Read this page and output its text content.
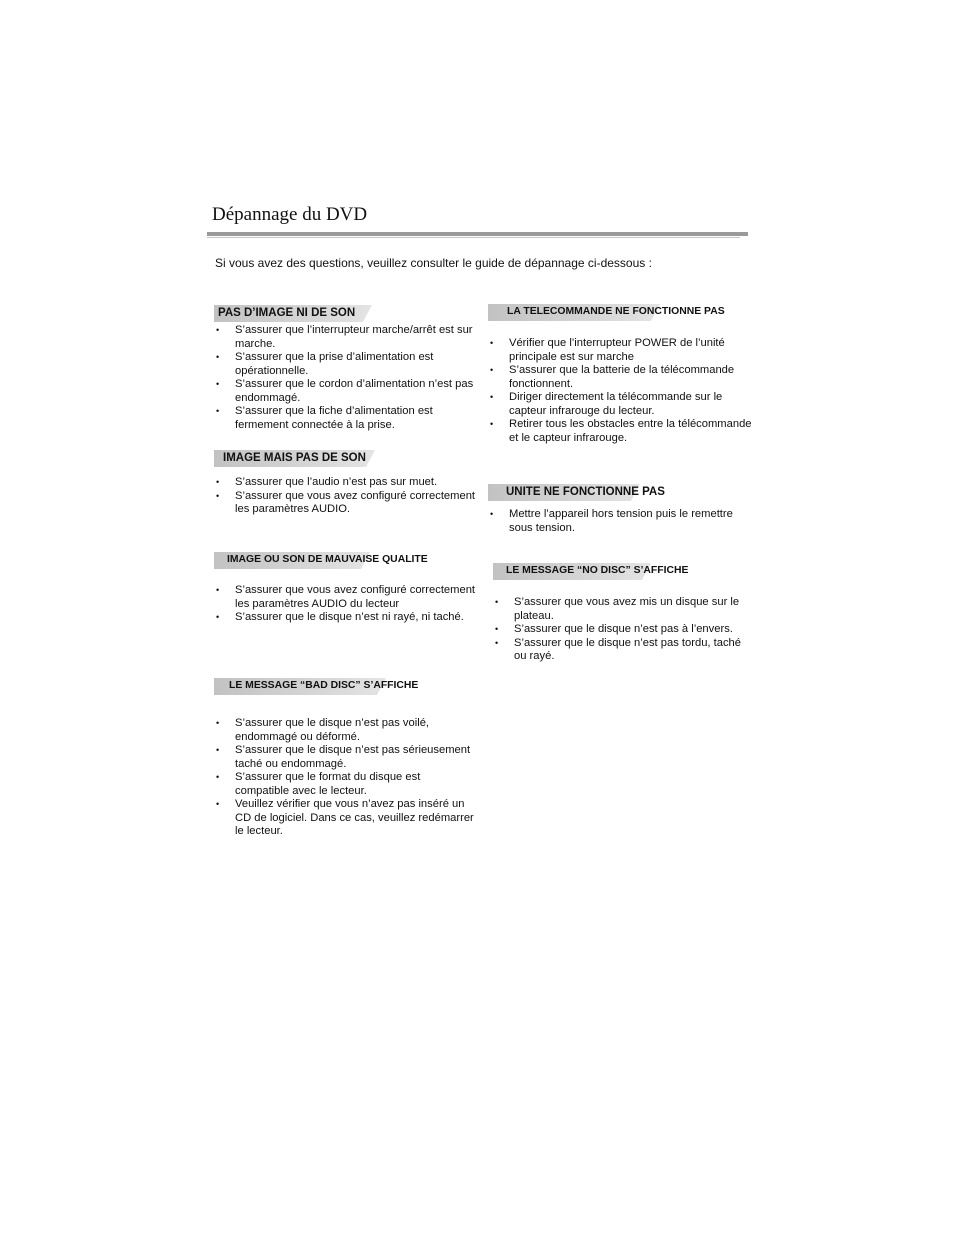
Dépannage du DVD
Si vous avez des questions, veuillez consulter le guide de dépannage ci-dessous :
PAS D’IMAGE NI DE SON
• S’assurer que l’interrupteur marche/arrêt est sur marche.
• S’assurer que la prise d’alimentation est opérationnelle.
• S’assurer que le cordon d’alimentation n’est pas endommagé.
• S’assurer que la fiche d’alimentation est fermement connectée à la prise.
IMAGE MAIS PAS DE SON
• S’assurer que l’audio n’est pas sur muet.
• S’assurer que vous avez configuré correctement les paramètres AUDIO.
IMAGE OU SON DE MAUVAISE QUALITE
• S’assurer que vous avez configuré correctement les paramètres AUDIO du lecteur
• S’assurer que le disque n’est ni rayé, ni taché.
LE MESSAGE “BAD DISC” S’AFFICHE
• S’assurer que le disque n’est pas voilé, endommagé ou déformé.
• S’assurer que le disque n’est pas sérieusement taché ou endommagé.
• S’assurer que le format du disque est compatible avec le lecteur.
• Veuillez vérifier que vous n’avez pas inséré un CD de logiciel. Dans ce cas, veuillez redémarrer le lecteur.
LA TELECOMMANDE NE FONCTIONNE PAS
• Vérifier que l’interrupteur POWER de l’unité principale est sur marche
• S’assurer que la batterie de la télécommande fonctionnent.
• Diriger directement la télécommande sur le capteur infrarouge du lecteur.
• Retirer tous les obstacles entre la télécommande et le capteur infrarouge.
UNITE NE FONCTIONNE PAS
• Mettre l’appareil hors tension puis le remettre sous tension.
LE MESSAGE “NO DISC” S’AFFICHE
• S’assurer que vous avez mis un disque sur le plateau.
• S’assurer que le disque n’est pas à l’envers.
• S’assurer que le disque n’est pas tordu, taché ou rayé.
